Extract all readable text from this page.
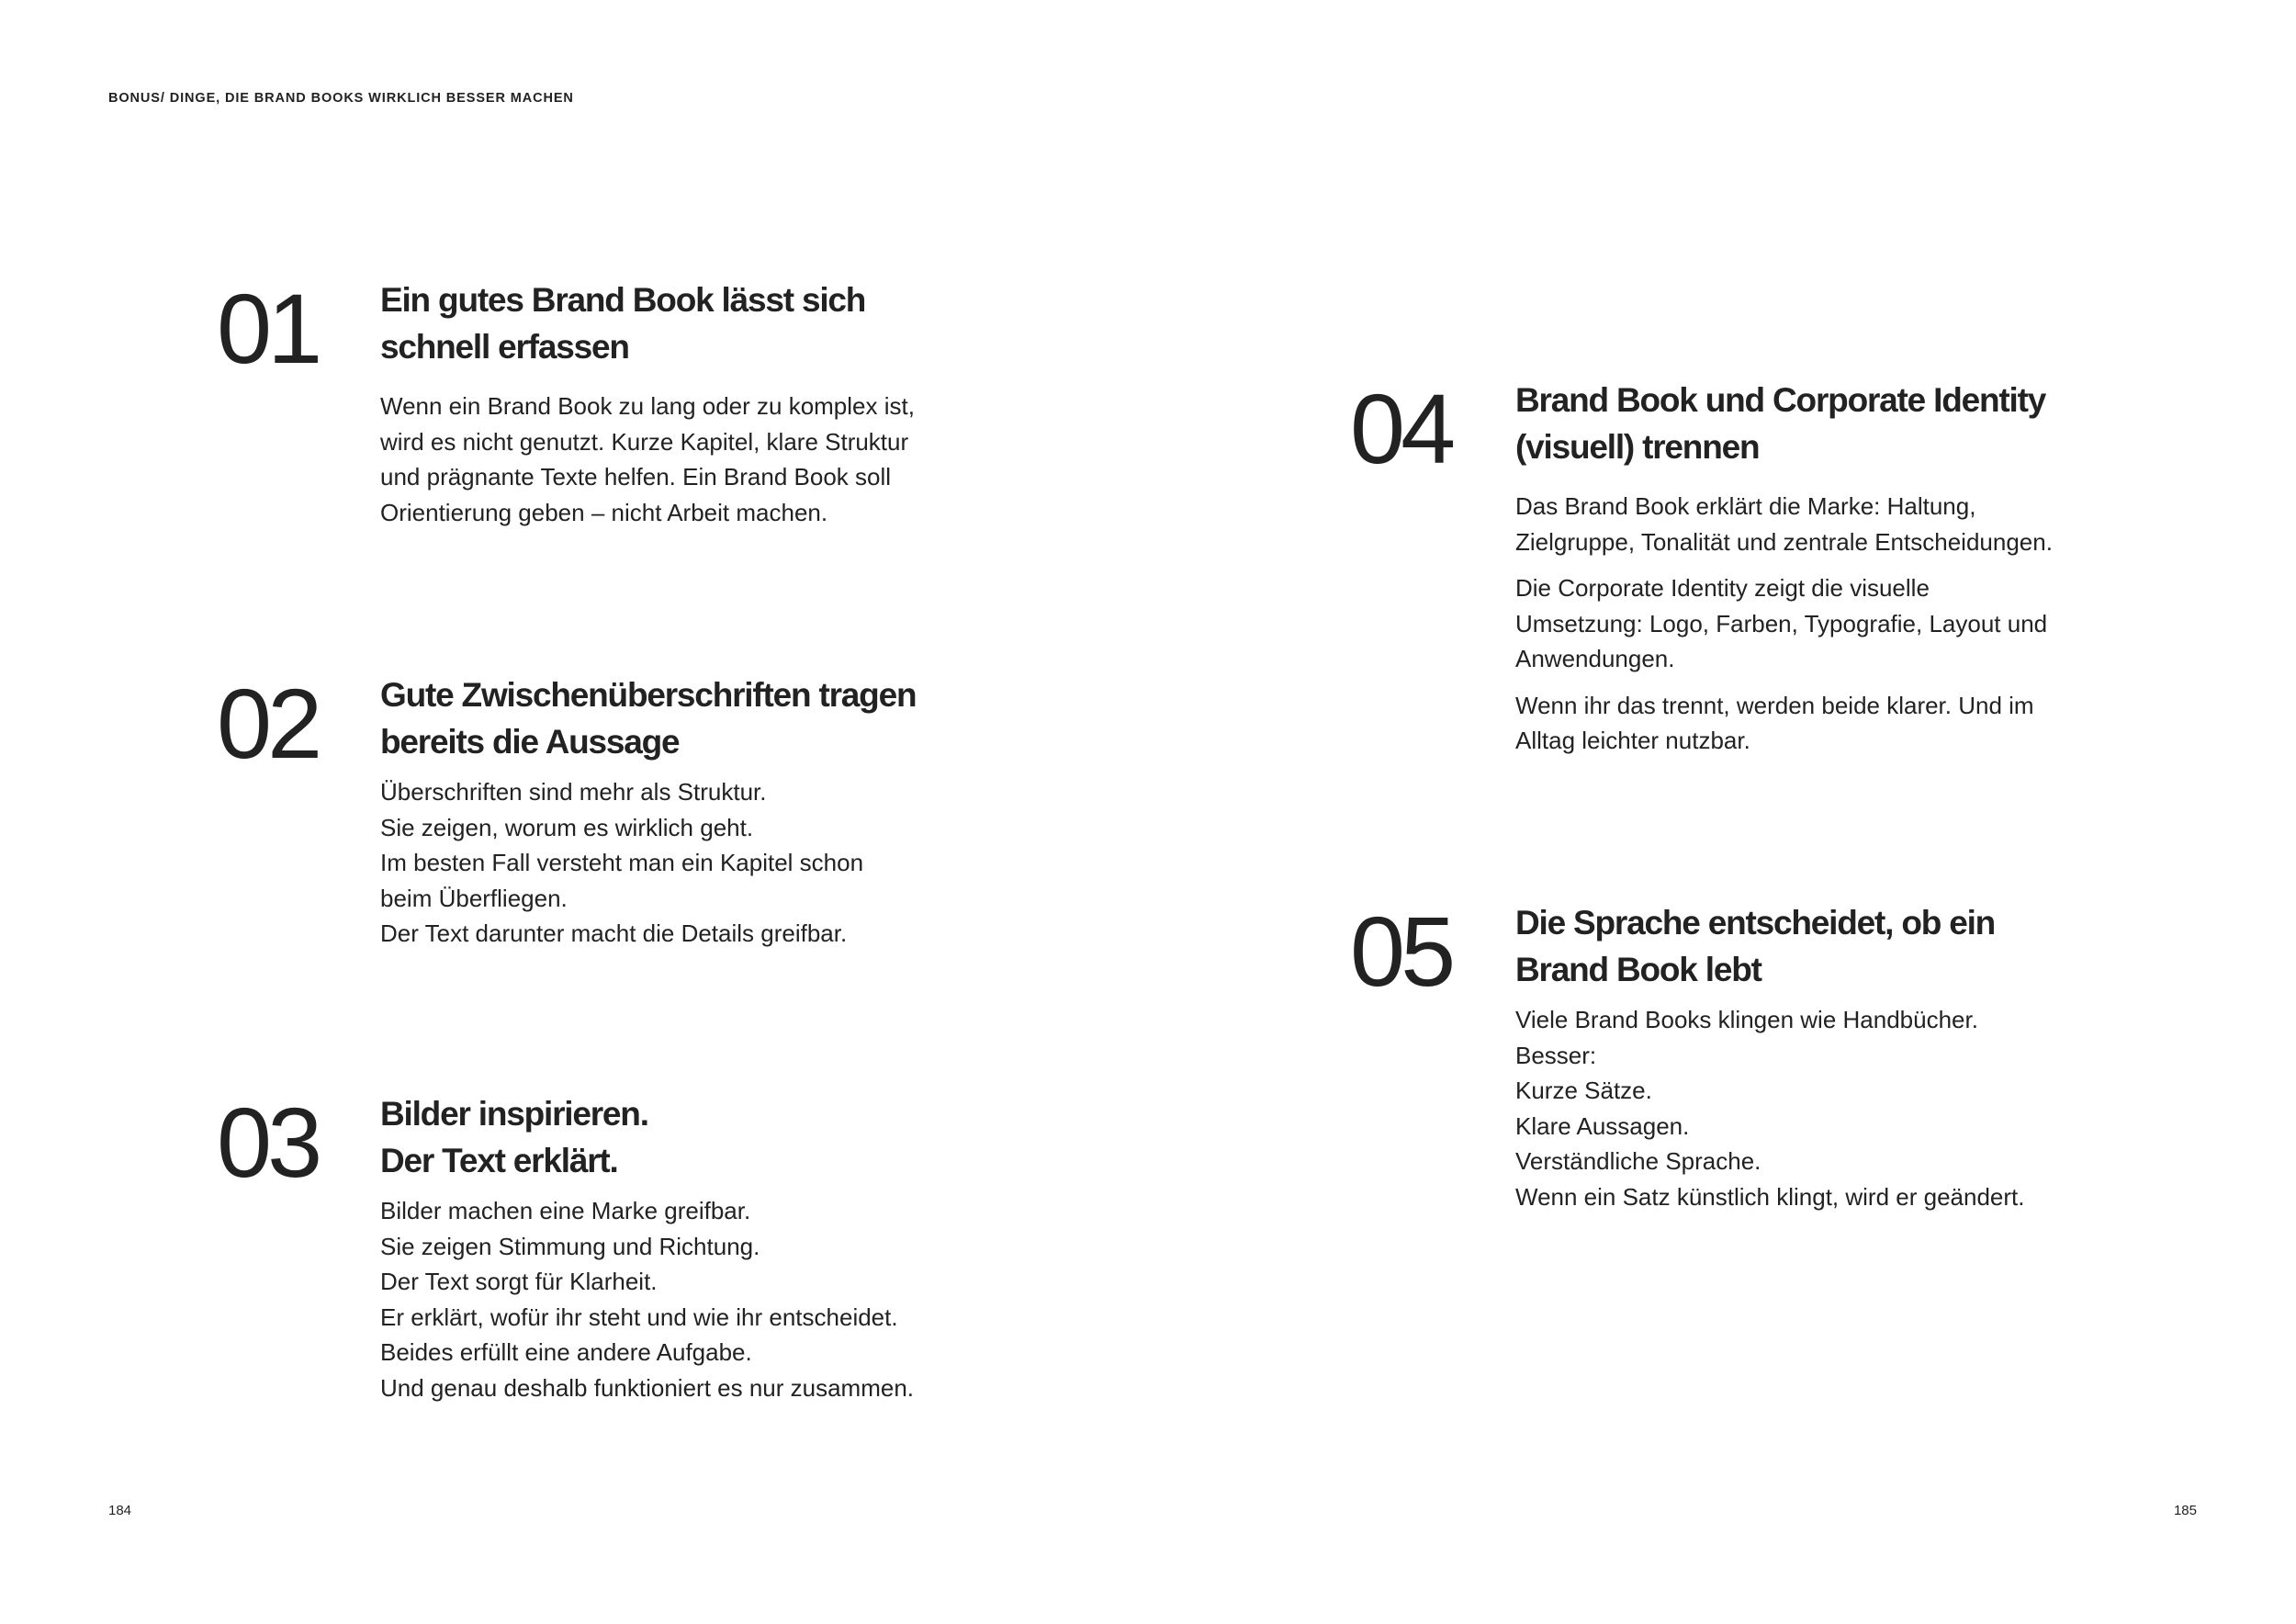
BONUS/ DINGE, DIE BRAND BOOKS WIRKLICH BESSER MACHEN
01 Ein gutes Brand Book lässt sich
schnell erfassen

Wenn ein Brand Book zu lang oder zu komplex ist,
wird es nicht genutzt. Kurze Kapitel, klare Struktur
und prägnante Texte helfen. Ein Brand Book soll
Orientierung geben – nicht Arbeit machen.

02 Gute Zwischenüberschriften tragen
bereits die Aussage

Überschriften sind mehr als Struktur.
Sie zeigen, worum es wirklich geht.
Im besten Fall versteht man ein Kapitel schon
beim Überfliegen.
Der Text darunter macht die Details greifbar.

03 Bilder inspirieren.
Der Text erklärt.

Bilder machen eine Marke greifbar.
Sie zeigen Stimmung und Richtung.
Der Text sorgt für Klarheit.
Er erklärt, wofür ihr steht und wie ihr entscheidet.
Beides erfüllt eine andere Aufgabe.
Und genau deshalb funktioniert es nur zusammen.

04 Brand Book und Corporate Identity
(visuell) trennen

Das Brand Book erklärt die Marke: Haltung,
Zielgruppe, Tonalität und zentrale Entscheidungen.

Die Corporate Identity zeigt die visuelle
Umsetzung: Logo, Farben, Typografie, Layout und
Anwendungen.

Wenn ihr das trennt, werden beide klarer. Und im
Alltag leichter nutzbar.

05 Die Sprache entscheidet, ob ein
Brand Book lebt

Viele Brand Books klingen wie Handbücher.
Besser:
Kurze Sätze.
Klare Aussagen.
Verständliche Sprache.
Wenn ein Satz künstlich klingt, wird er geändert.

184	185
